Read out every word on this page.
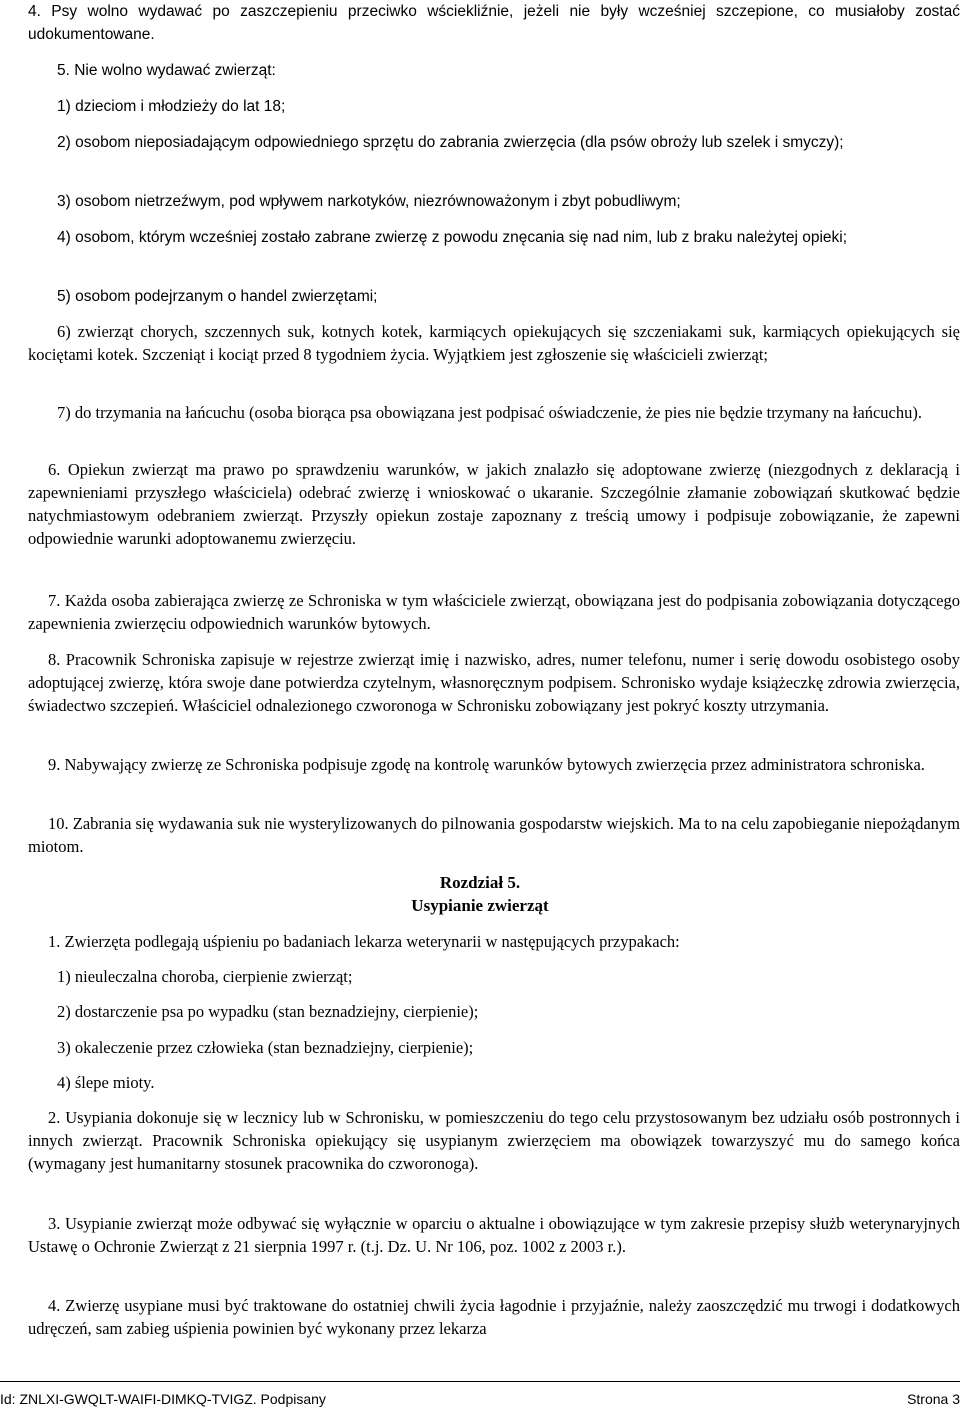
4. Psy wolno wydawać po zaszczepieniu przeciwko wściekliźnie, jeżeli nie były wcześniej szczepione, co musiałoby zostać udokumentowane.

5. Nie wolno wydawać zwierząt:

1) dzieciom i młodzieży do lat 18;

2) osobom nieposiadającym odpowiedniego sprzętu do zabrania zwierzęcia (dla psów obroży lub szelek i smyczy);

3) osobom nietrzeźwym, pod wpływem narkotyków, niezrównoważonym i zbyt pobudliwym;

4) osobom, którym wcześniej zostało zabrane zwierzę z powodu znęcania się nad nim, lub z braku należytej opieki;

5) osobom podejrzanym o handel zwierzętami;

6) zwierząt chorych, szczennych suk, kotnych kotek, karmiących opiekujących się szczeniakami suk, karmiących opiekujących się kociętami kotek. Szczeniąt i kociąt przed 8 tygodniem życia. Wyjątkiem jest zgłoszenie się właścicieli zwierząt;

7) do trzymania na łańcuchu (osoba biorąca psa obowiązana jest podpisać oświadczenie, że pies nie będzie trzymany na łańcuchu).

6. Opiekun zwierząt ma prawo po sprawdzeniu warunków, w jakich znalazło się adoptowane zwierzę (niezgodnych z deklaracją i zapewnieniami przyszłego właściciela) odebrać zwierzę i wnioskować o ukaranie. Szczególnie złamanie zobowiązań skutkować będzie natychmiastowym odebraniem zwierząt. Przyszły opiekun zostaje zapoznany z treścią umowy i podpisuje zobowiązanie, że zapewni odpowiednie warunki adoptowanemu zwierzęciu.

7. Każda osoba zabierająca zwierzę ze Schroniska w tym właściciele zwierząt, obowiązana jest do podpisania zobowiązania dotyczącego zapewnienia zwierzęciu odpowiednich warunków bytowych.

8. Pracownik Schroniska zapisuje w rejestrze zwierząt imię i nazwisko, adres, numer telefonu, numer i serię dowodu osobistego osoby adoptującej zwierzę, która swoje dane potwierdza czytelnym, własnoręcznym podpisem. Schronisko wydaje książeczkę zdrowia zwierzęcia, świadectwo szczepień. Właściciel odnalezionego czworonoga w Schronisku zobowiązany jest pokryć koszty utrzymania.

9. Nabywający zwierzę ze Schroniska podpisuje zgodę na kontrolę warunków bytowych zwierzęcia przez administratora schroniska.

10. Zabrania się wydawania suk nie wysterylizowanych do pilnowania gospodarstw wiejskich. Ma to na celu zapobieganie niepożądanym miotom.

Rozdział 5.

Usypianie zwierząt

1. Zwierzęta podlegają uśpieniu po badaniach lekarza weterynarii w następujących przypakach:

1) nieuleczalna choroba, cierpienie zwierząt;

2) dostarczenie psa po wypadku (stan beznadziejny, cierpienie);

3) okaleczenie przez człowieka (stan beznadziejny, cierpienie);

4) ślepe mioty.

2. Usypiania dokonuje się w lecznicy lub w Schronisku, w pomieszczeniu do tego celu przystosowanym bez udziału osób postronnych i innych zwierząt. Pracownik Schroniska opiekujący się usypianym zwierzęciem ma obowiązek towarzyszyć mu do samego końca (wymagany jest humanitarny stosunek pracownika do czworonoga).

3. Usypianie zwierząt może odbywać się wyłącznie w oparciu o aktualne i obowiązujące w tym zakresie przepisy służb weterynaryjnych Ustawę o Ochronie Zwierząt z 21 sierpnia 1997 r. (t.j. Dz. U. Nr 106, poz. 1002 z 2003 r.).

4. Zwierzę usypiane musi być traktowane do ostatniej chwili życia łagodnie i przyjaźnie, należy zaoszczędzić mu trwogi i dodatkowych udręczeń, sam zabieg uśpienia powinien być wykonany przez lekarza

Id: ZNLXI-GWQLT-WAIFI-DIMKQ-TVIGZ. Podpisany	Strona 3
